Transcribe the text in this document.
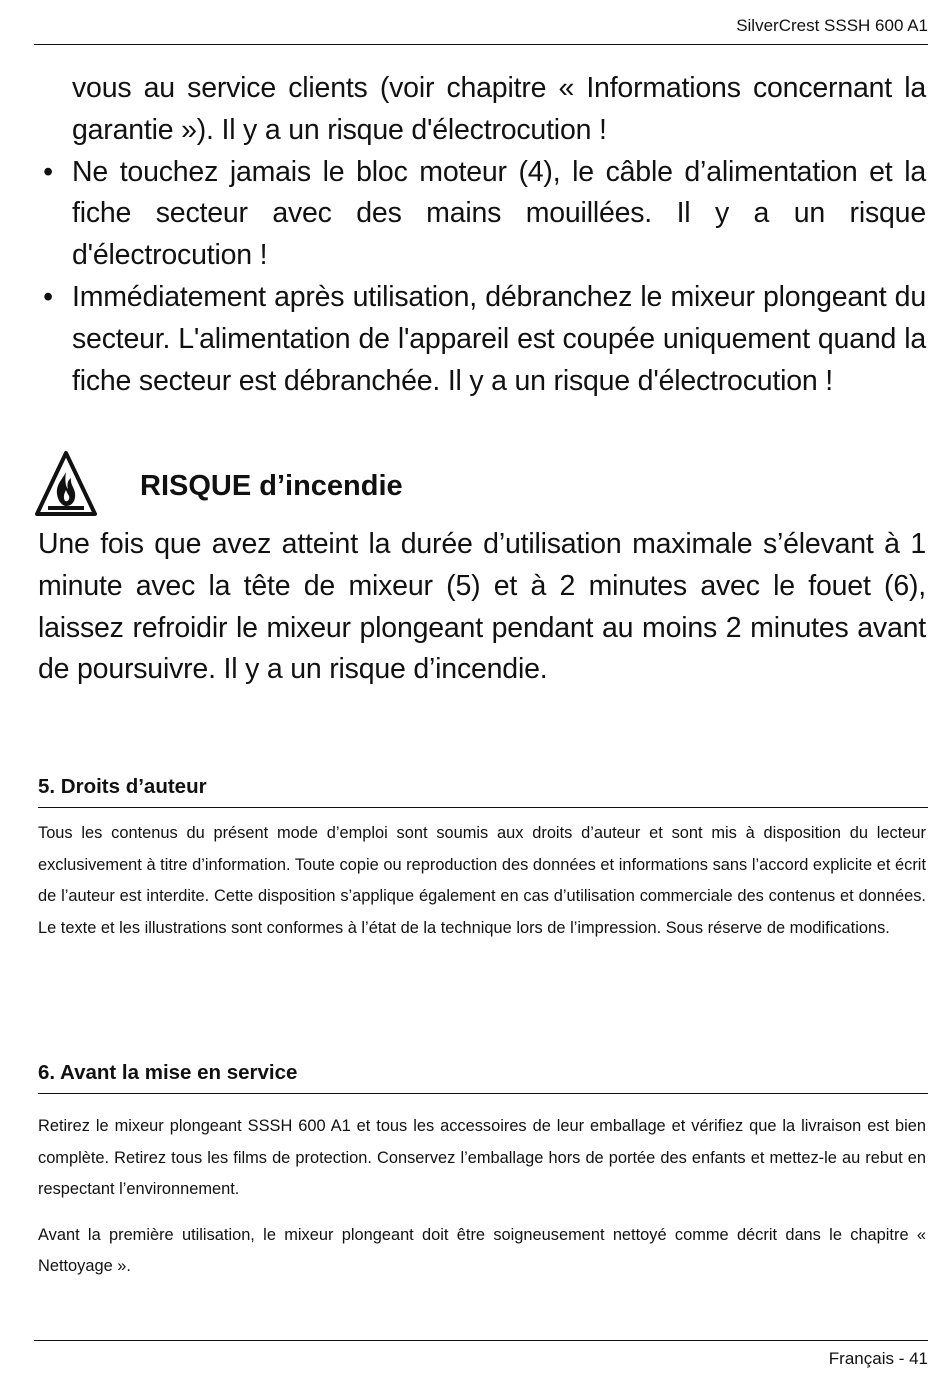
SilverCrest SSSH 600 A1

vous au service clients (voir chapitre « Informations concernant la garantie »). Il y a un risque d'électrocution !

• Ne touchez jamais le bloc moteur (4), le câble d’alimentation et la fiche secteur avec des mains mouillées. Il y a un risque d'électrocution !

• Immédiatement après utilisation, débranchez le mixeur plongeant du secteur. L'alimentation de l'appareil est coupée uniquement quand la fiche secteur est débranchée. Il y a un risque d'électrocution !

RISQUE d’incendie

Une fois que avez atteint la durée d’utilisation maximale s’élevant à 1 minute avec la tête de mixeur (5) et à 2 minutes avec le fouet (6), laissez refroidir le mixeur plongeant pendant au moins 2 minutes avant de poursuivre. Il y a un risque d’incendie.

5. Droits d’auteur

Tous les contenus du présent mode d’emploi sont soumis aux droits d’auteur et sont mis à disposition du lecteur exclusivement à titre d’information. Toute copie ou reproduction des données et informations sans l’accord explicite et écrit de l’auteur est interdite. Cette disposition s’applique également en cas d’utilisation commerciale des contenus et données. Le texte et les illustrations sont conformes à l’état de la technique lors de l’impression. Sous réserve de modifications.

6. Avant la mise en service

Retirez le mixeur plongeant SSSH 600 A1 et tous les accessoires de leur emballage et vérifiez que la livraison est bien complète. Retirez tous les films de protection. Conservez l’emballage hors de portée des enfants et mettez-le au rebut en respectant l’environnement.

Avant la première utilisation, le mixeur plongeant doit être soigneusement nettoyé comme décrit dans le chapitre « Nettoyage ».

Français - 41
